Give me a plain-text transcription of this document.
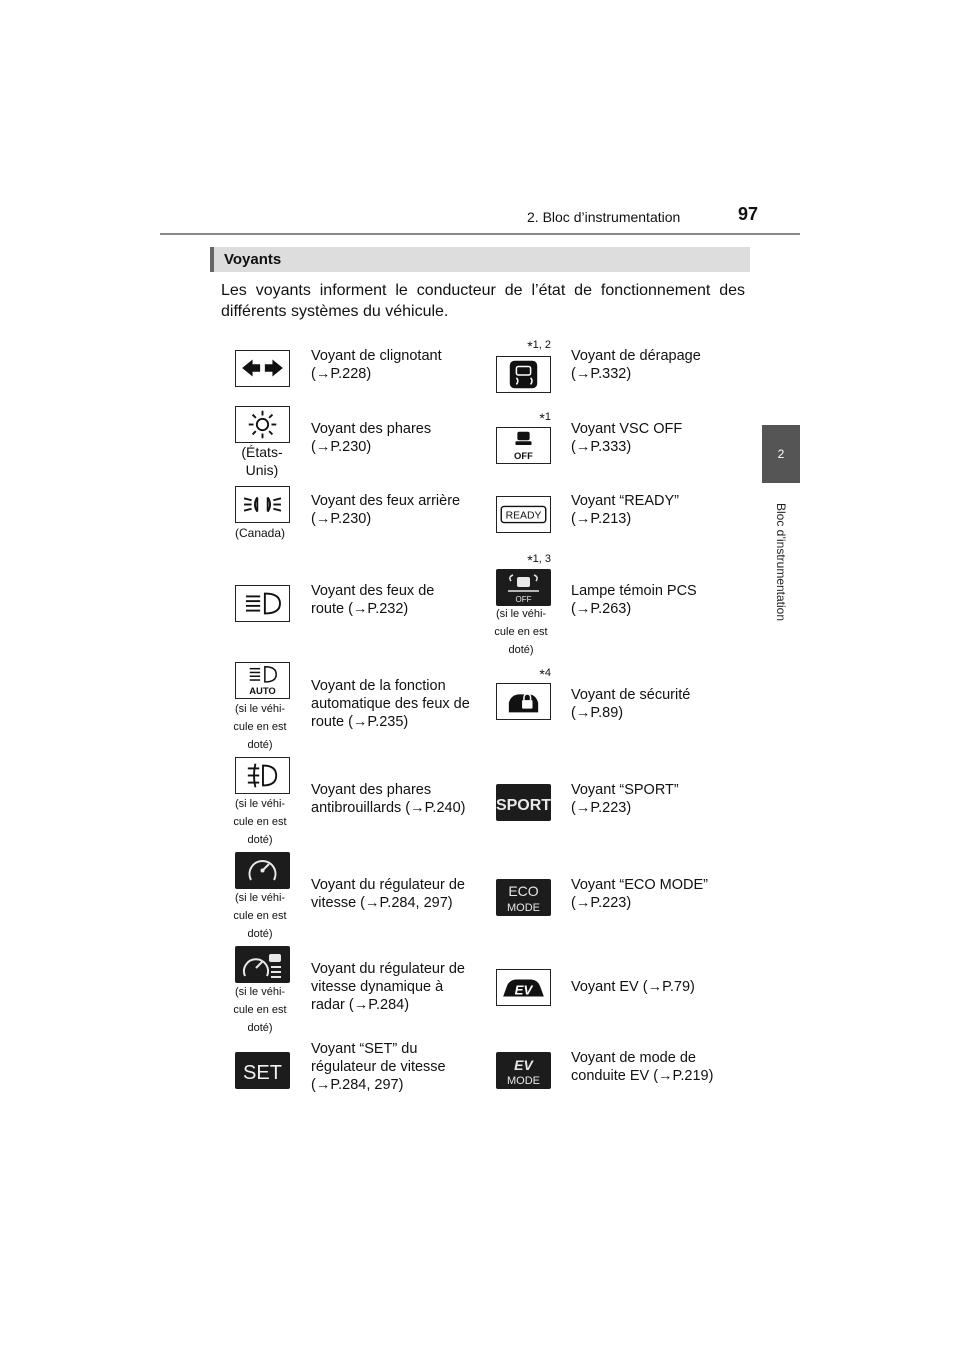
2. Bloc d’instrumentation	97
Voyants
Les voyants informent le conducteur de l’état de fonctionnement des différents systèmes du véhicule.
2
Bloc d’instrumentation
Voyant de clignotant
(→P.228)
(États-Unis)
Voyant des phares
(→P.230)
(Canada)
Voyant des feux arrière
(→P.230)
Voyant des feux de
route (→P.232)
AUTO
(si le véhi-cule en est doté)
Voyant de la fonction
automatique des feux de
route (→P.235)
(si le véhi-cule en est doté)
Voyant des phares
antibrouillards (→P.240)
(si le véhi-cule en est doté)
Voyant du régulateur de
vitesse (→P.284, 297)
(si le véhi-cule en est doté)
Voyant du régulateur de
vitesse dynamique à
radar (→P.284)
SET
Voyant “SET” du
régulateur de vitesse
(→P.284, 297)
*1, 2
Voyant de dérapage
(→P.332)
*1
OFF
Voyant VSC OFF
(→P.333)
READY
Voyant “READY”
(→P.213)
*1, 3
OFF
(si le véhi-cule en est doté)
Lampe témoin PCS
(→P.263)
*4
Voyant de sécurité
(→P.89)
SPORT
Voyant “SPORT”
(→P.223)
ECO
MODE
Voyant “ECO MODE”
(→P.223)
EV	Voyant EV (→P.79)
EV
MODE
Voyant de mode de
conduite EV (→P.219)
